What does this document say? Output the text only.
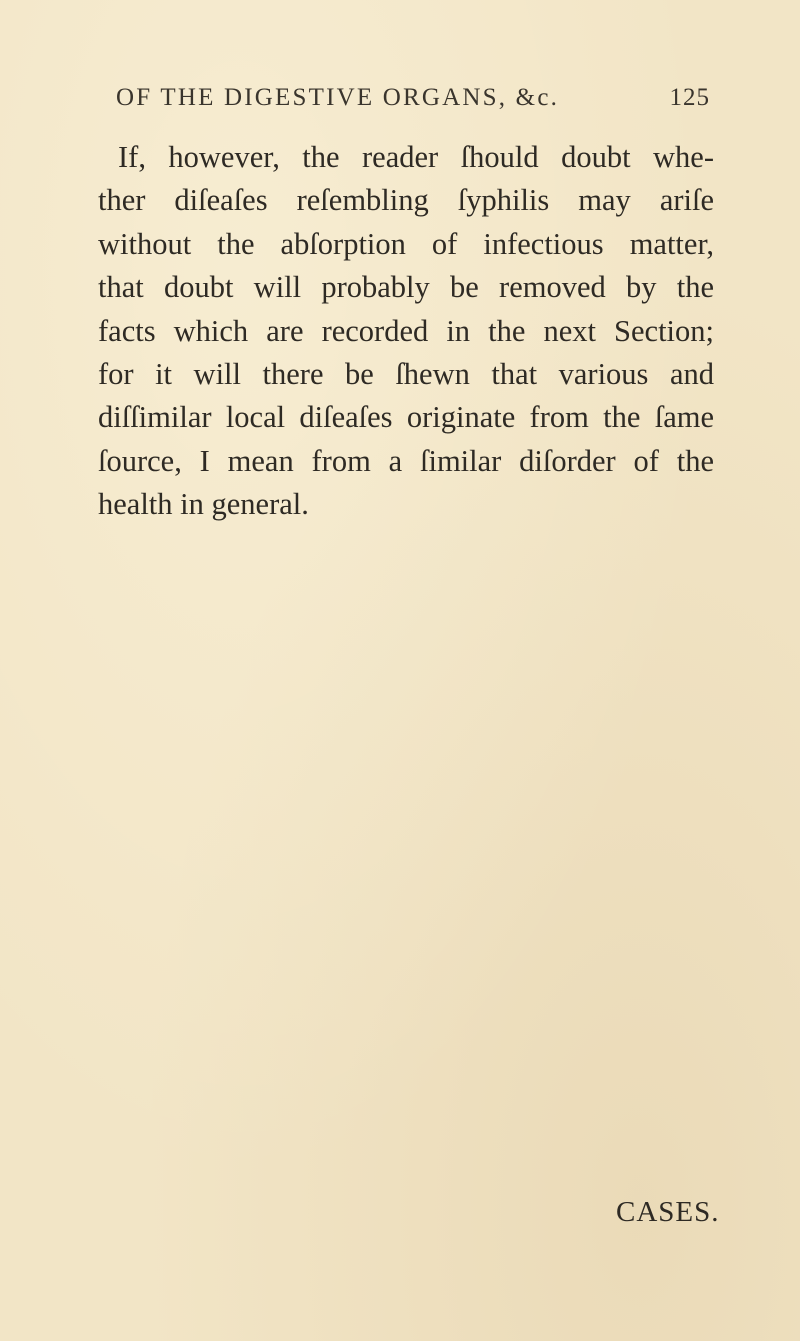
OF THE DIGESTIVE ORGANS, &c.	125
If, however, the reader ſhould doubt whe-
ther diſeaſes reſembling ſyphilis may ariſe
without the abſorption of infectious matter,
that doubt will probably be removed by the
facts which are recorded in the next Section;
for it will there be ſhewn that various and
diſſimilar local diſeaſes originate from the ſame
ſource, I mean from a ſimilar diſorder of the
health in general.
CASES.
